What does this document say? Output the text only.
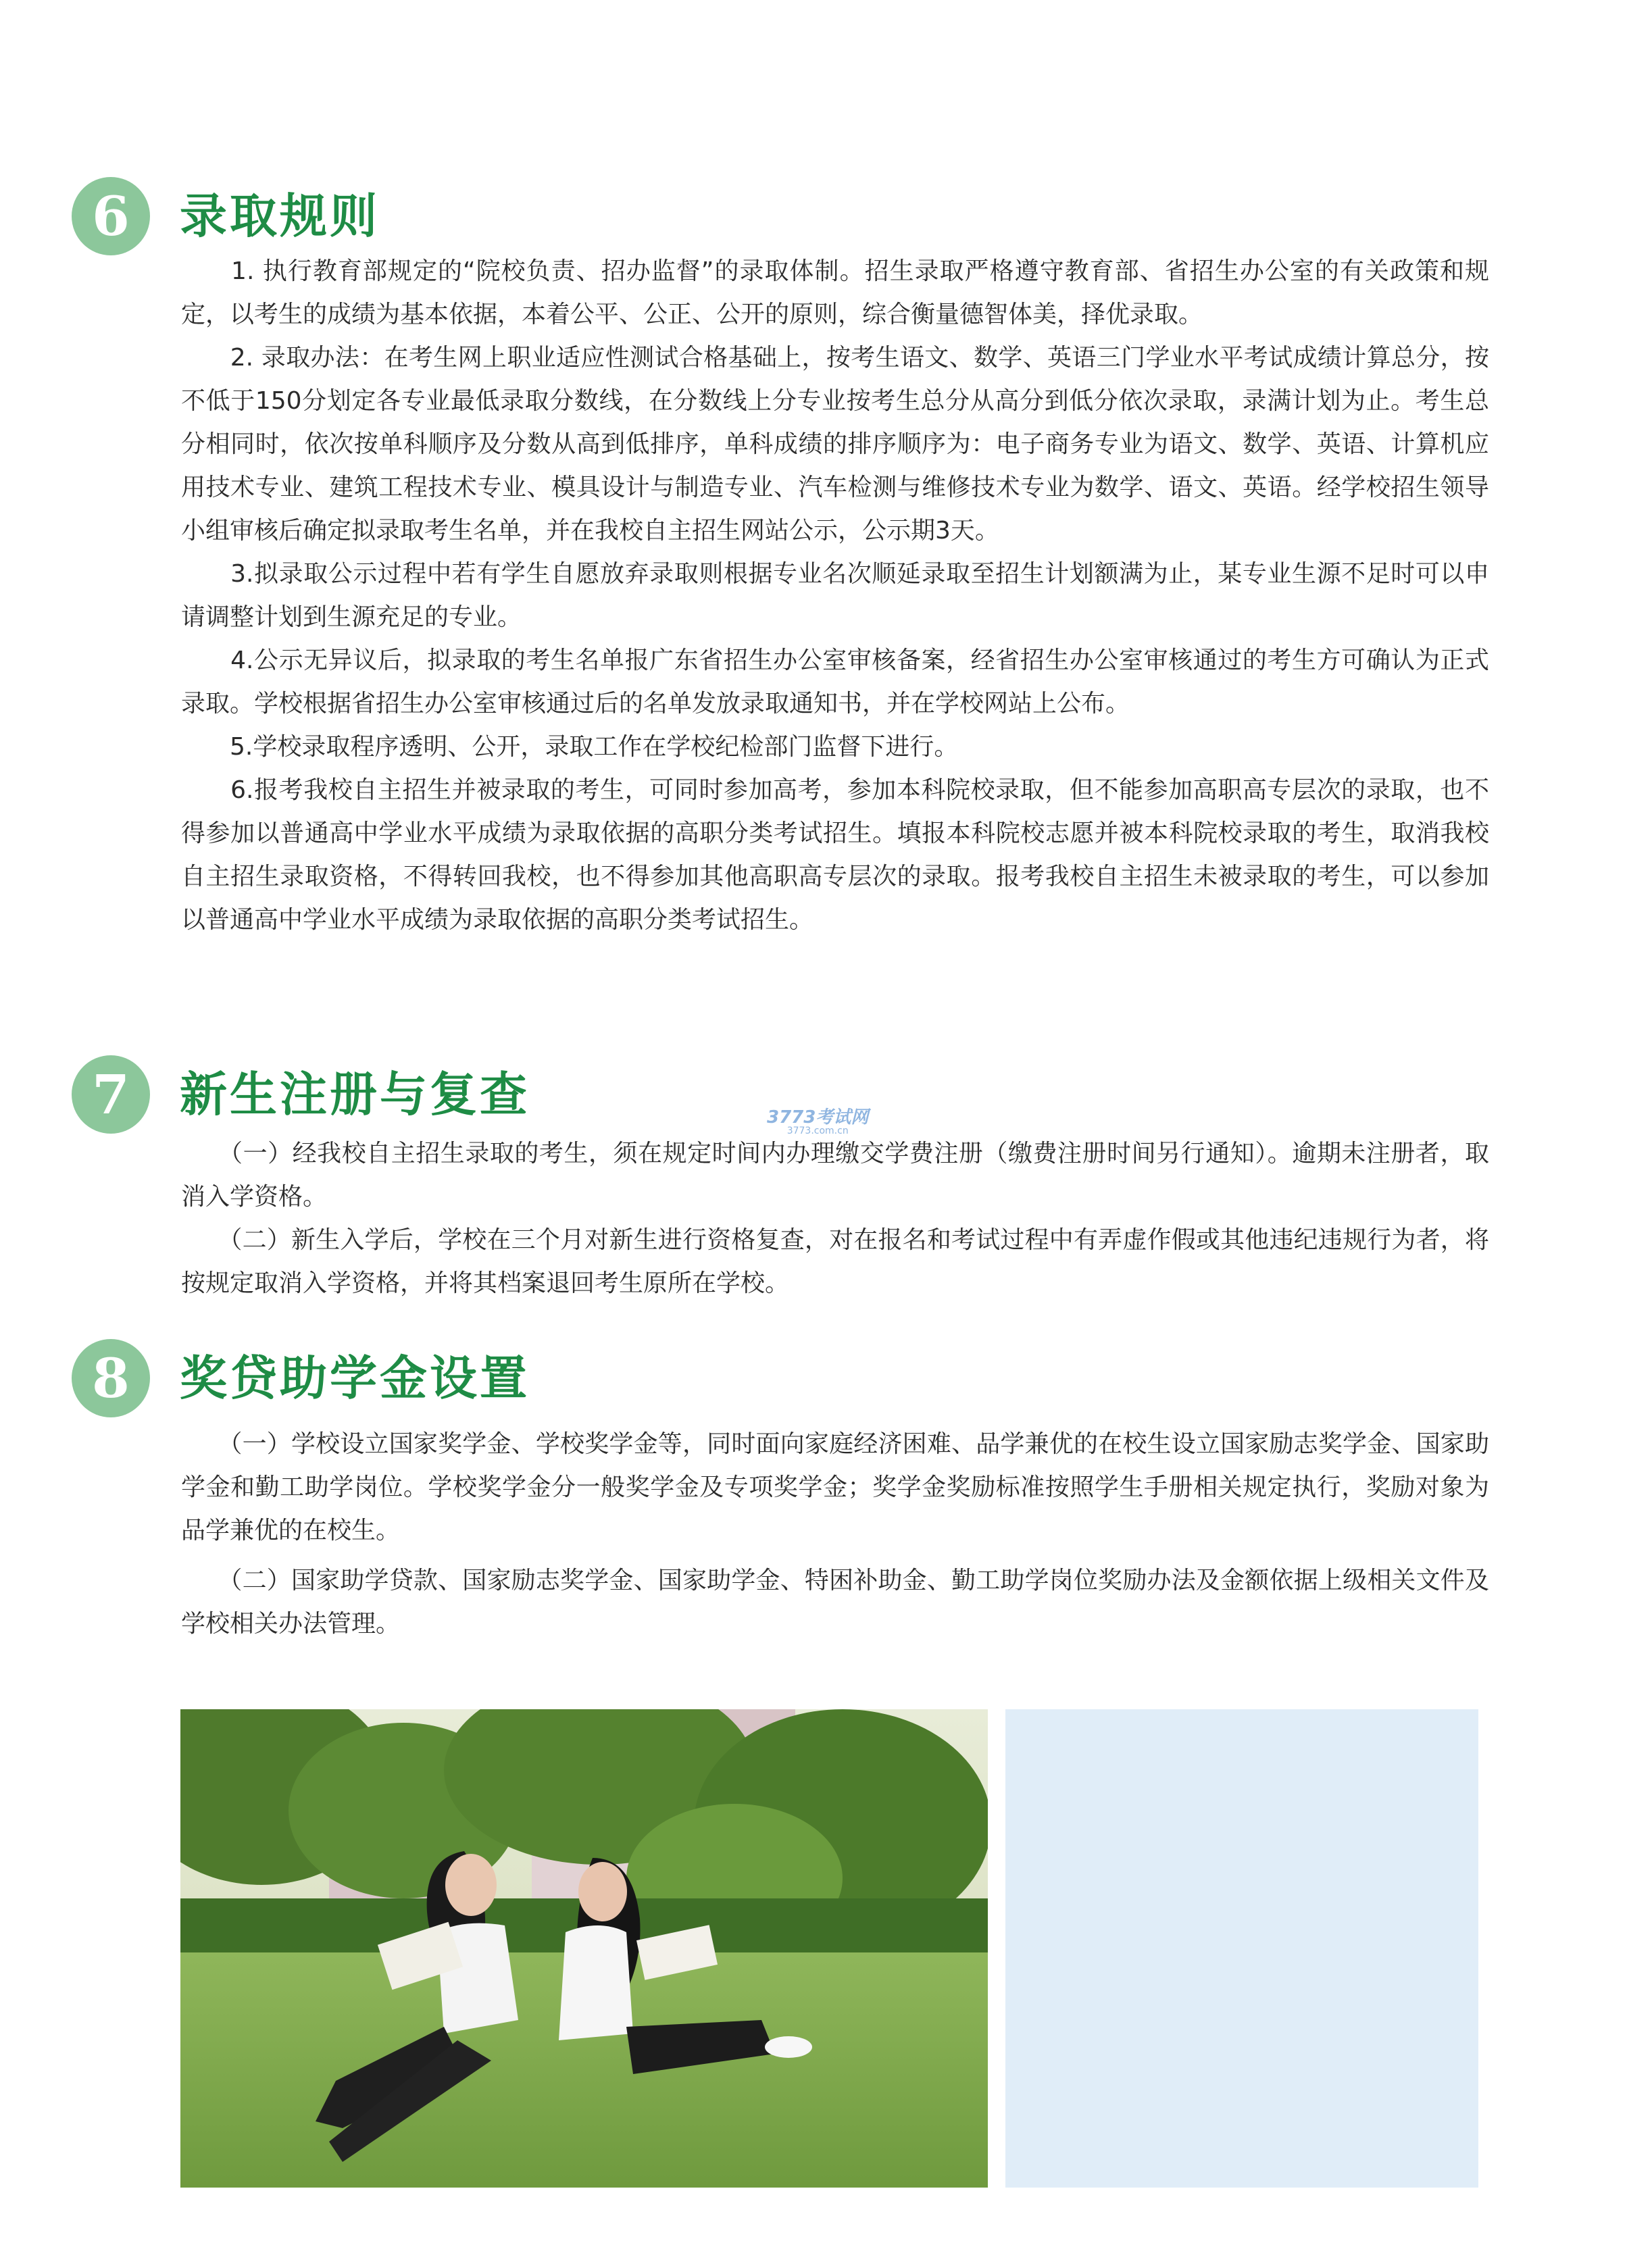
6	录取规则

　　1. 执行教育部规定的“院校负责、招办监督”的录取体制。招生录取严格遵守教育部、省招生办公室的有关政策和规定，以考生的成绩为基本依据，本着公平、公正、公开的原则，综合衡量德智体美，择优录取。

　　2. 录取办法：在考生网上职业适应性测试合格基础上，按考生语文、数学、英语三门学业水平考试成绩计算总分，按不低于150分划定各专业最低录取分数线，在分数线上分专业按考生总分从高分到低分依次录取，录满计划为止。考生总分相同时，依次按单科顺序及分数从高到低排序，单科成绩的排序顺序为：电子商务专业为语文、数学、英语、计算机应用技术专业、建筑工程技术专业、模具设计与制造专业、汽车检测与维修技术专业为数学、语文、英语。经学校招生领导小组审核后确定拟录取考生名单，并在我校自主招生网站公示，公示期3天。

　　3.拟录取公示过程中若有学生自愿放弃录取则根据专业名次顺延录取至招生计划额满为止，某专业生源不足时可以申请调整计划到生源充足的专业。

　　4.公示无异议后，拟录取的考生名单报广东省招生办公室审核备案，经省招生办公室审核通过的考生方可确认为正式录取。学校根据省招生办公室审核通过后的名单发放录取通知书，并在学校网站上公布。

　　5.学校录取程序透明、公开，录取工作在学校纪检部门监督下进行。

　　6.报考我校自主招生并被录取的考生，可同时参加高考，参加本科院校录取，但不能参加高职高专层次的录取，也不得参加以普通高中学业水平成绩为录取依据的高职分类考试招生。填报本科院校志愿并被本科院校录取的考生，取消我校自主招生录取资格，不得转回我校，也不得参加其他高职高专层次的录取。报考我校自主招生未被录取的考生，可以参加以普通高中学业水平成绩为录取依据的高职分类考试招生。

7	新生注册与复查

　　（一）经我校自主招生录取的考生，须在规定时间内办理缴交学费注册（缴费注册时间另行通知）。逾期未注册者，取消入学资格。

　　（二）新生入学后，学校在三个月对新生进行资格复查，对在报名和考试过程中有弄虚作假或其他违纪违规行为者，将按规定取消入学资格，并将其档案退回考生原所在学校。

3773考试网
3773.com.cn
8	奖贷助学金设置

　　（一）学校设立国家奖学金、学校奖学金等，同时面向家庭经济困难、品学兼优的在校生设立国家励志奖学金、国家助学金和勤工助学岗位。学校奖学金分一般奖学金及专项奖学金；奖学金奖励标准按照学生手册相关规定执行，奖励对象为品学兼优的在校生。

　　（二）国家助学贷款、国家励志奖学金、国家助学金、特困补助金、勤工助学岗位奖励办法及金额依据上级相关文件及学校相关办法管理。
